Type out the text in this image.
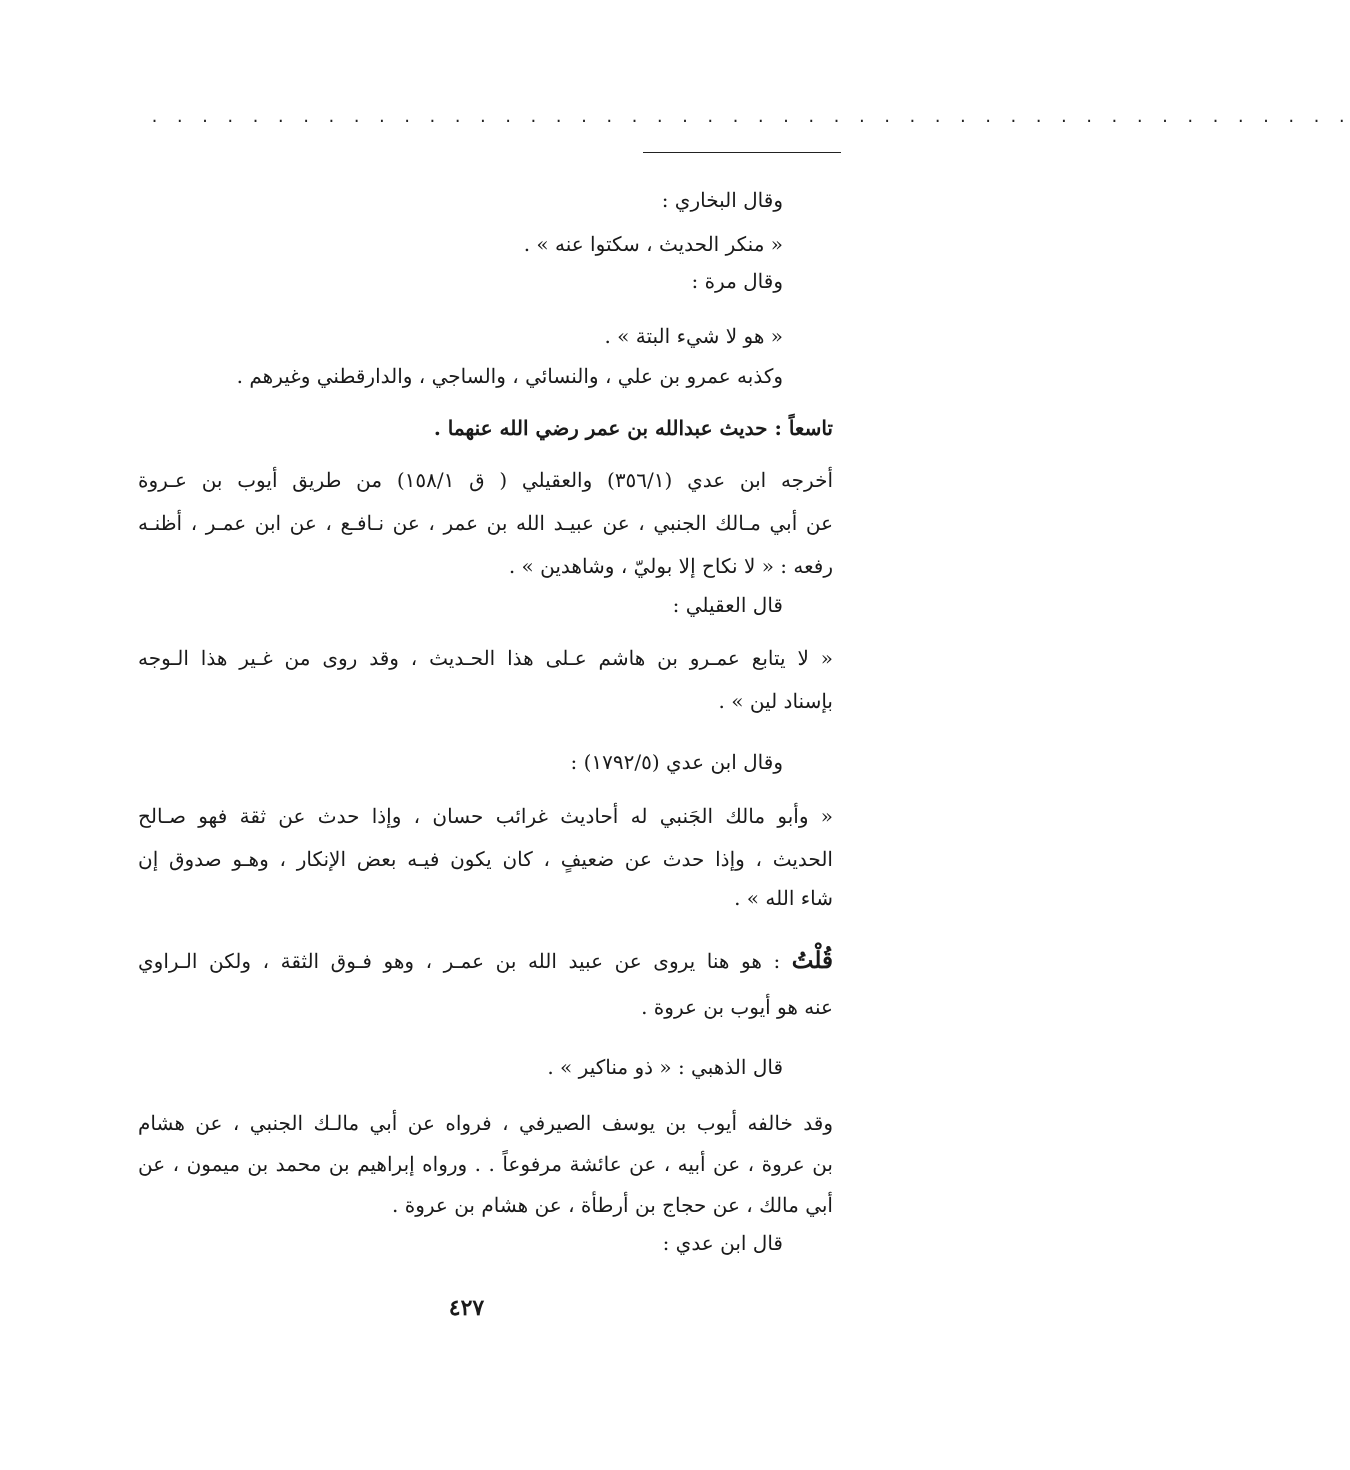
· · · · · · · · · · · · · · · · · · · · · · · · · · · · · · · · · · · · · · · · · · · · · · · ·
وقال البخاري :
« منكر الحديث ، سكتوا عنه » .
وقال مرة :
« هو لا شيء البتة » .
وكذبه عمرو بن علي ، والنسائي ، والساجي ، والدارقطني وغيرهم .
تاسعاً : حديث عبدالله بن عمر رضي الله عنهما .
أخرجه ابن عدي (٣٥٦/١) والعقيلي ( ق ١٥٨/١) من طريق أيوب بن عـروة
عن أبي مـالك الجنبي ، عن عبيـد الله بن عمر ، عن نـافـع ، عن ابن عمـر ، أظنـه
رفعه : « لا نكاح إلا بوليّ ، وشاهدين » .
قال العقيلي :
« لا يتابع عمـرو بن هاشم عـلى هذا الحـديث ، وقد روى من غـير هذا الـوجه
بإسناد لين » .
وقال ابن عدي (١٧٩٢/٥) :
« وأبو مالك الجَنبي له أحاديث غرائب حسان ، وإذا حدث عن ثقة فهو صـالح
الحديث ، وإذا حدث عن ضعيفٍ ، كان يكون فيـه بعض الإنكار ، وهـو صدوق إن
شاء الله » .
قُلْتُ : هو هنا يروى عن عبيد الله بن عمـر ، وهو فـوق الثقة ، ولكن الـراوي
عنه هو أيوب بن عروة .
قال الذهبي : « ذو مناكير » .
وقد خالفه أيوب بن يوسف الصيرفي ، فرواه عن أبي مالـك الجنبي ، عن هشام
بن عروة ، عن أبيه ، عن عائشة مرفوعاً . . ورواه إبراهيم بن محمد بن ميمون ، عن
أبي مالك ، عن حجاج بن أرطأة ، عن هشام بن عروة .
قال ابن عدي :
٤٢٧
